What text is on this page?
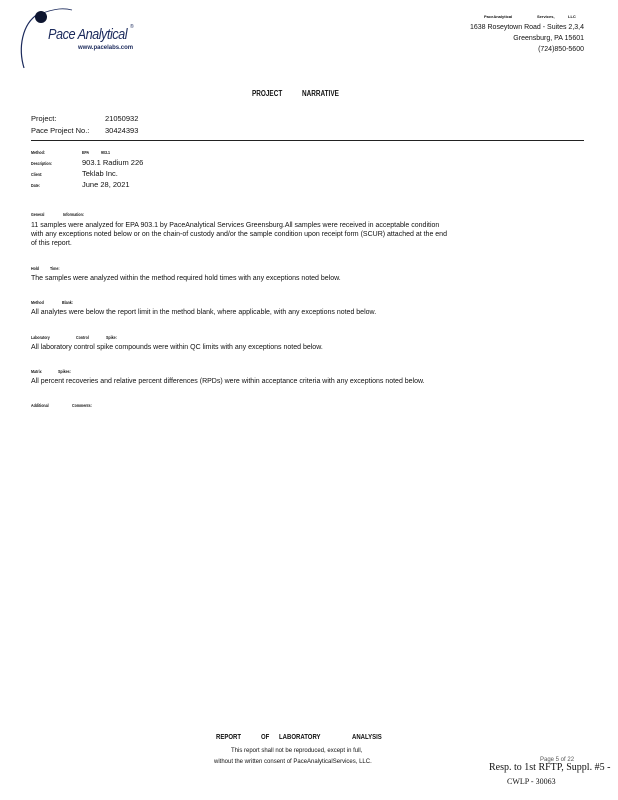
Pace Analytical ®
www.pacelabs.com
PaceAnalytical	Services,	LLC
1638 Roseytown Road - Suites 2,3,4
Greensburg, PA 15601
(724)850-5600
PROJECT NARRATIVE
Project:	21050932
Pace Project No.: 30424393
Method:	EPA	903.1
Description:	903.1 Radium 226
Client:	Teklab Inc.
Date:	June 28, 2021
General	Information:
11 samples were analyzed for EPA 903.1 by PaceAnalytical Services Greensburg.All samples were received in acceptable condition
with any exceptions noted below or on the chain-of custody and/or the sample condition upon receipt form (SCUR) attached at the end
of this report.
Hold Time:
The samples were analyzed within the method required hold times with any exceptions noted below.
Method	Blank:
All analytes were below the report limit in the method blank, where applicable, with any exceptions noted below.
Laboratory	Control	Spike:
All laboratory control spike compounds were within QC limits with any exceptions noted below.
Matrix	Spikes:
All percent recoveries and relative percent differences (RPDs) were within acceptance criteria with any exceptions noted below.
Additional	Comments:
REPORT	OF LABORATORY	ANALYSIS
This report shall not be reproduced, except in full,
without the written consent of PaceAnalyticalServices, LLC.	Page 5 of 22
Resp. to 1st RFTP, Suppl. #5 -
CWLP - 30063
